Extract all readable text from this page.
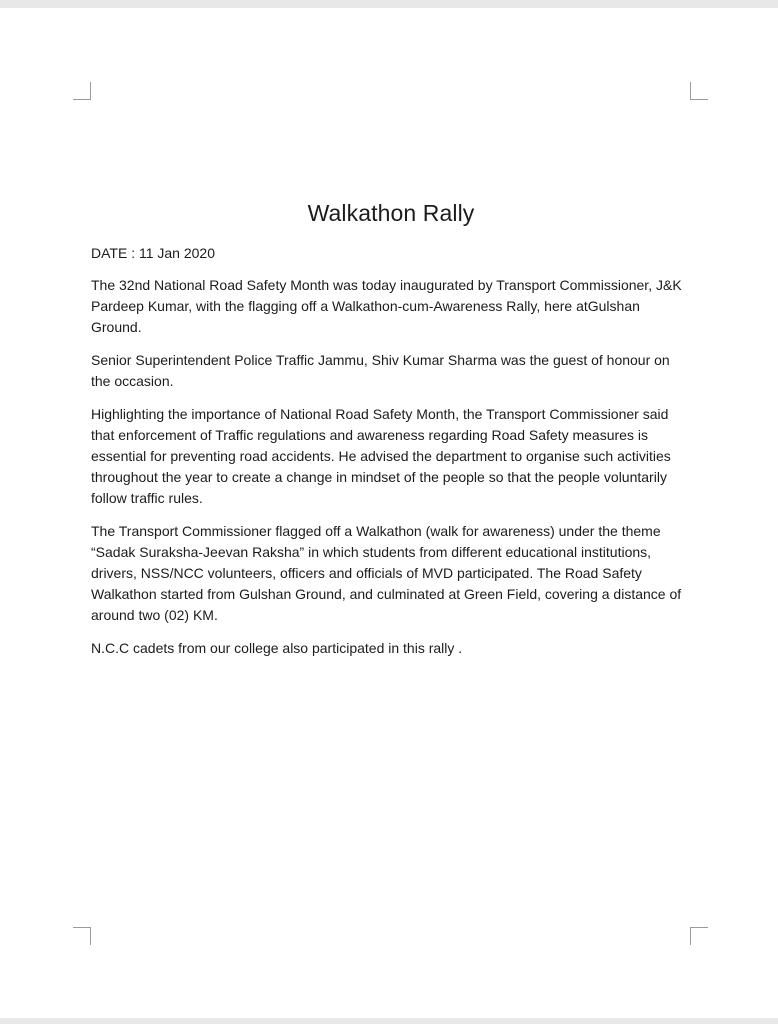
Walkathon Rally

DATE : 11 Jan 2020

The 32nd National Road Safety Month was today inaugurated by Transport Commissioner, J&K Pardeep Kumar, with the flagging off a Walkathon-cum-Awareness Rally, here atGulshan Ground.

Senior Superintendent Police Traffic Jammu, Shiv Kumar Sharma was the guest of honour on the occasion.

Highlighting the importance of National Road Safety Month, the Transport Commissioner said that enforcement of Traffic regulations and awareness regarding Road Safety measures is essential for preventing road accidents. He advised the department to organise such activities throughout the year to create a change in mindset of the people so that the people voluntarily follow traffic rules.

The Transport Commissioner flagged off a Walkathon (walk for awareness) under the theme “Sadak Suraksha-Jeevan Raksha” in which students from different educational institutions, drivers, NSS/NCC volunteers, officers and officials of MVD participated. The Road Safety Walkathon started from Gulshan Ground, and culminated at Green Field, covering a distance of around two (02) KM.

N.C.C cadets from our college also participated in this rally .
